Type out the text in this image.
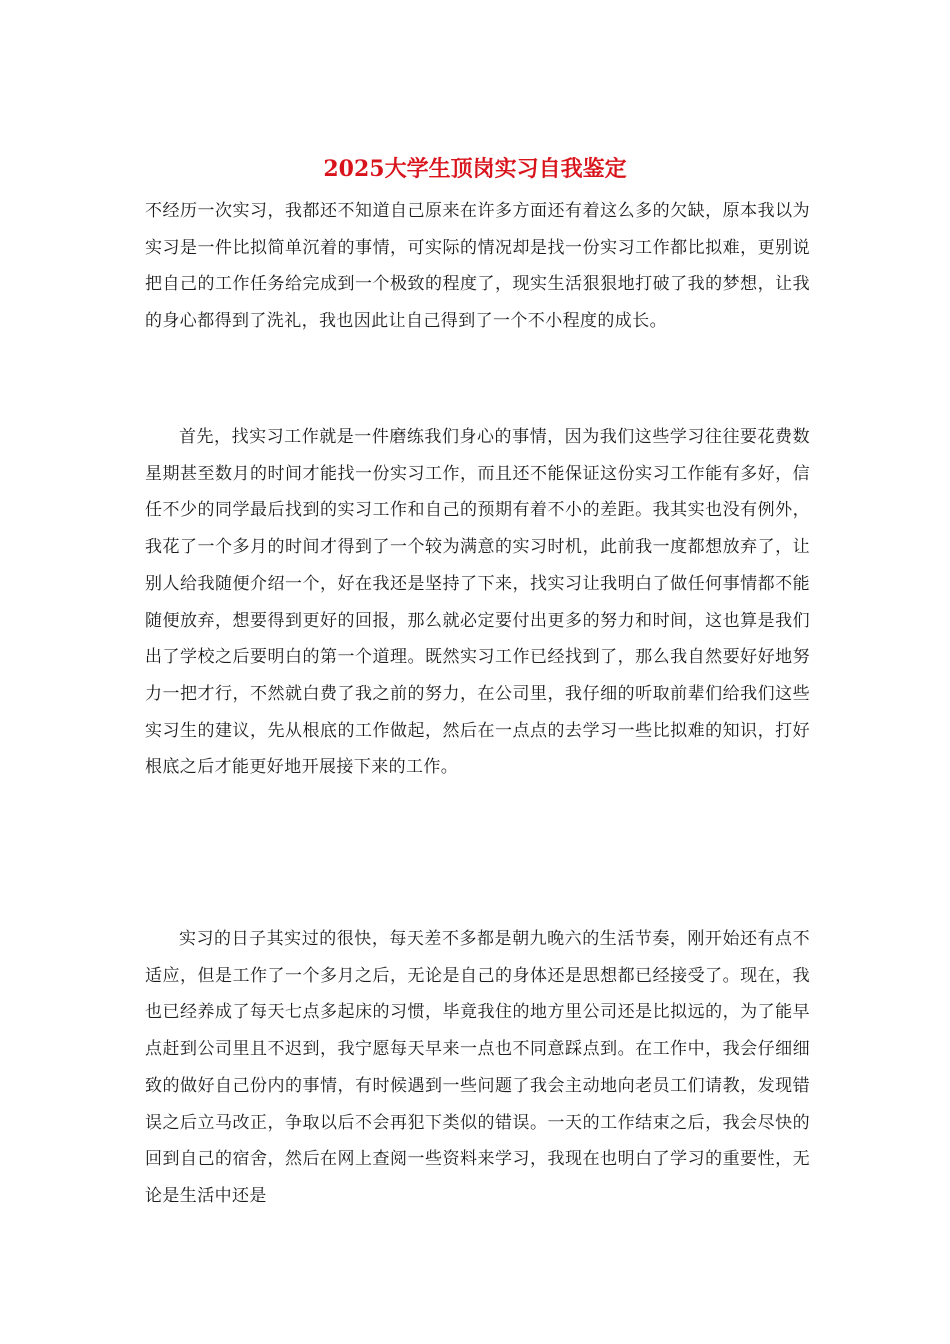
2025大学生顶岗实习自我鉴定

不经历一次实习，我都还不知道自己原来在许多方面还有着这么多的欠缺，原本我以为实习是一件比拟简单沉着的事情，可实际的情况却是找一份实习工作都比拟难，更别说把自己的工作任务给完成到一个极致的程度了，现实生活狠狠地打破了我的梦想，让我的身心都得到了洗礼，我也因此让自己得到了一个不小程度的成长。

首先，找实习工作就是一件磨练我们身心的事情，因为我们这些学习往往要花费数星期甚至数月的时间才能找一份实习工作，而且还不能保证这份实习工作能有多好，信任不少的同学最后找到的实习工作和自己的预期有着不小的差距。我其实也没有例外，我花了一个多月的时间才得到了一个较为满意的实习时机，此前我一度都想放弃了，让别人给我随便介绍一个，好在我还是坚持了下来，找实习让我明白了做任何事情都不能随便放弃，想要得到更好的回报，那么就必定要付出更多的努力和时间，这也算是我们出了学校之后要明白的第一个道理。既然实习工作已经找到了，那么我自然要好好地努力一把才行，不然就白费了我之前的努力，在公司里，我仔细的听取前辈们给我们这些实习生的建议，先从根底的工作做起，然后在一点点的去学习一些比拟难的知识，打好根底之后才能更好地开展接下来的工作。

实习的日子其实过的很快，每天差不多都是朝九晚六的生活节奏，刚开始还有点不适应，但是工作了一个多月之后，无论是自己的身体还是思想都已经接受了。现在，我也已经养成了每天七点多起床的习惯，毕竟我住的地方里公司还是比拟远的，为了能早点赶到公司里且不迟到，我宁愿每天早来一点也不同意踩点到。在工作中，我会仔细细致的做好自己份内的事情，有时候遇到一些问题了我会主动地向老员工们请教，发现错误之后立马改正，争取以后不会再犯下类似的错误。一天的工作结束之后，我会尽快的回到自己的宿舍，然后在网上查阅一些资料来学习，我现在也明白了学习的重要性，无论是生活中还是
